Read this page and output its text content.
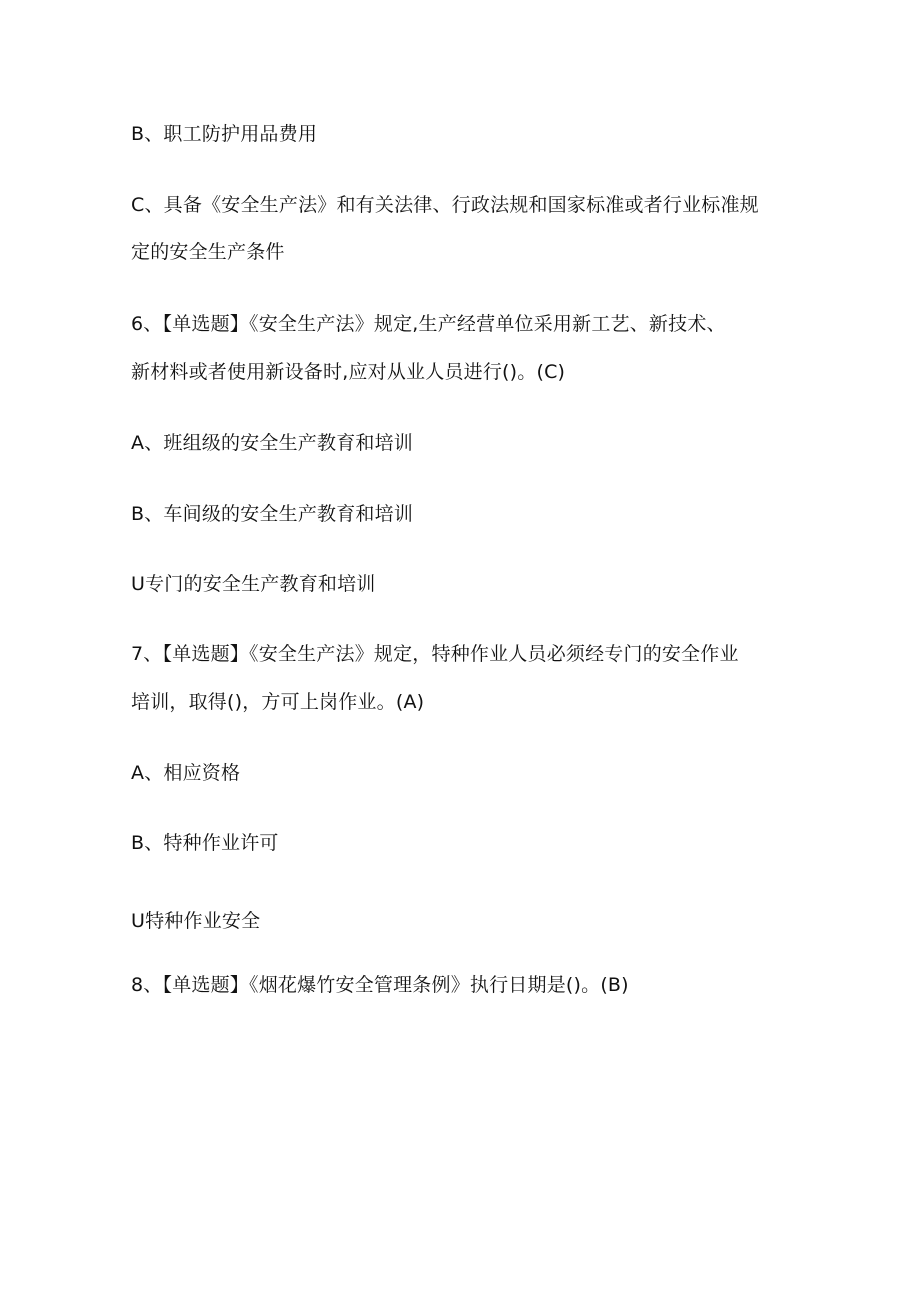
B、职工防护用品费用
C、具备《安全生产法》和有关法律、行政法规和国家标准或者行业标准规
定的安全生产条件
6、【单选题】《安全生产法》规定,生产经营单位采用新工艺、新技术、
新材料或者使用新设备时,应对从业人员进行()。(C)
A、班组级的安全生产教育和培训
B、车间级的安全生产教育和培训
U专门的安全生产教育和培训
7、【单选题】《安全生产法》规定，特种作业人员必须经专门的安全作业
培训，取得()，方可上岗作业。(A)
A、相应资格
B、特种作业许可
U特种作业安全
8、【单选题】《烟花爆竹安全管理条例》执行日期是()。(B)
